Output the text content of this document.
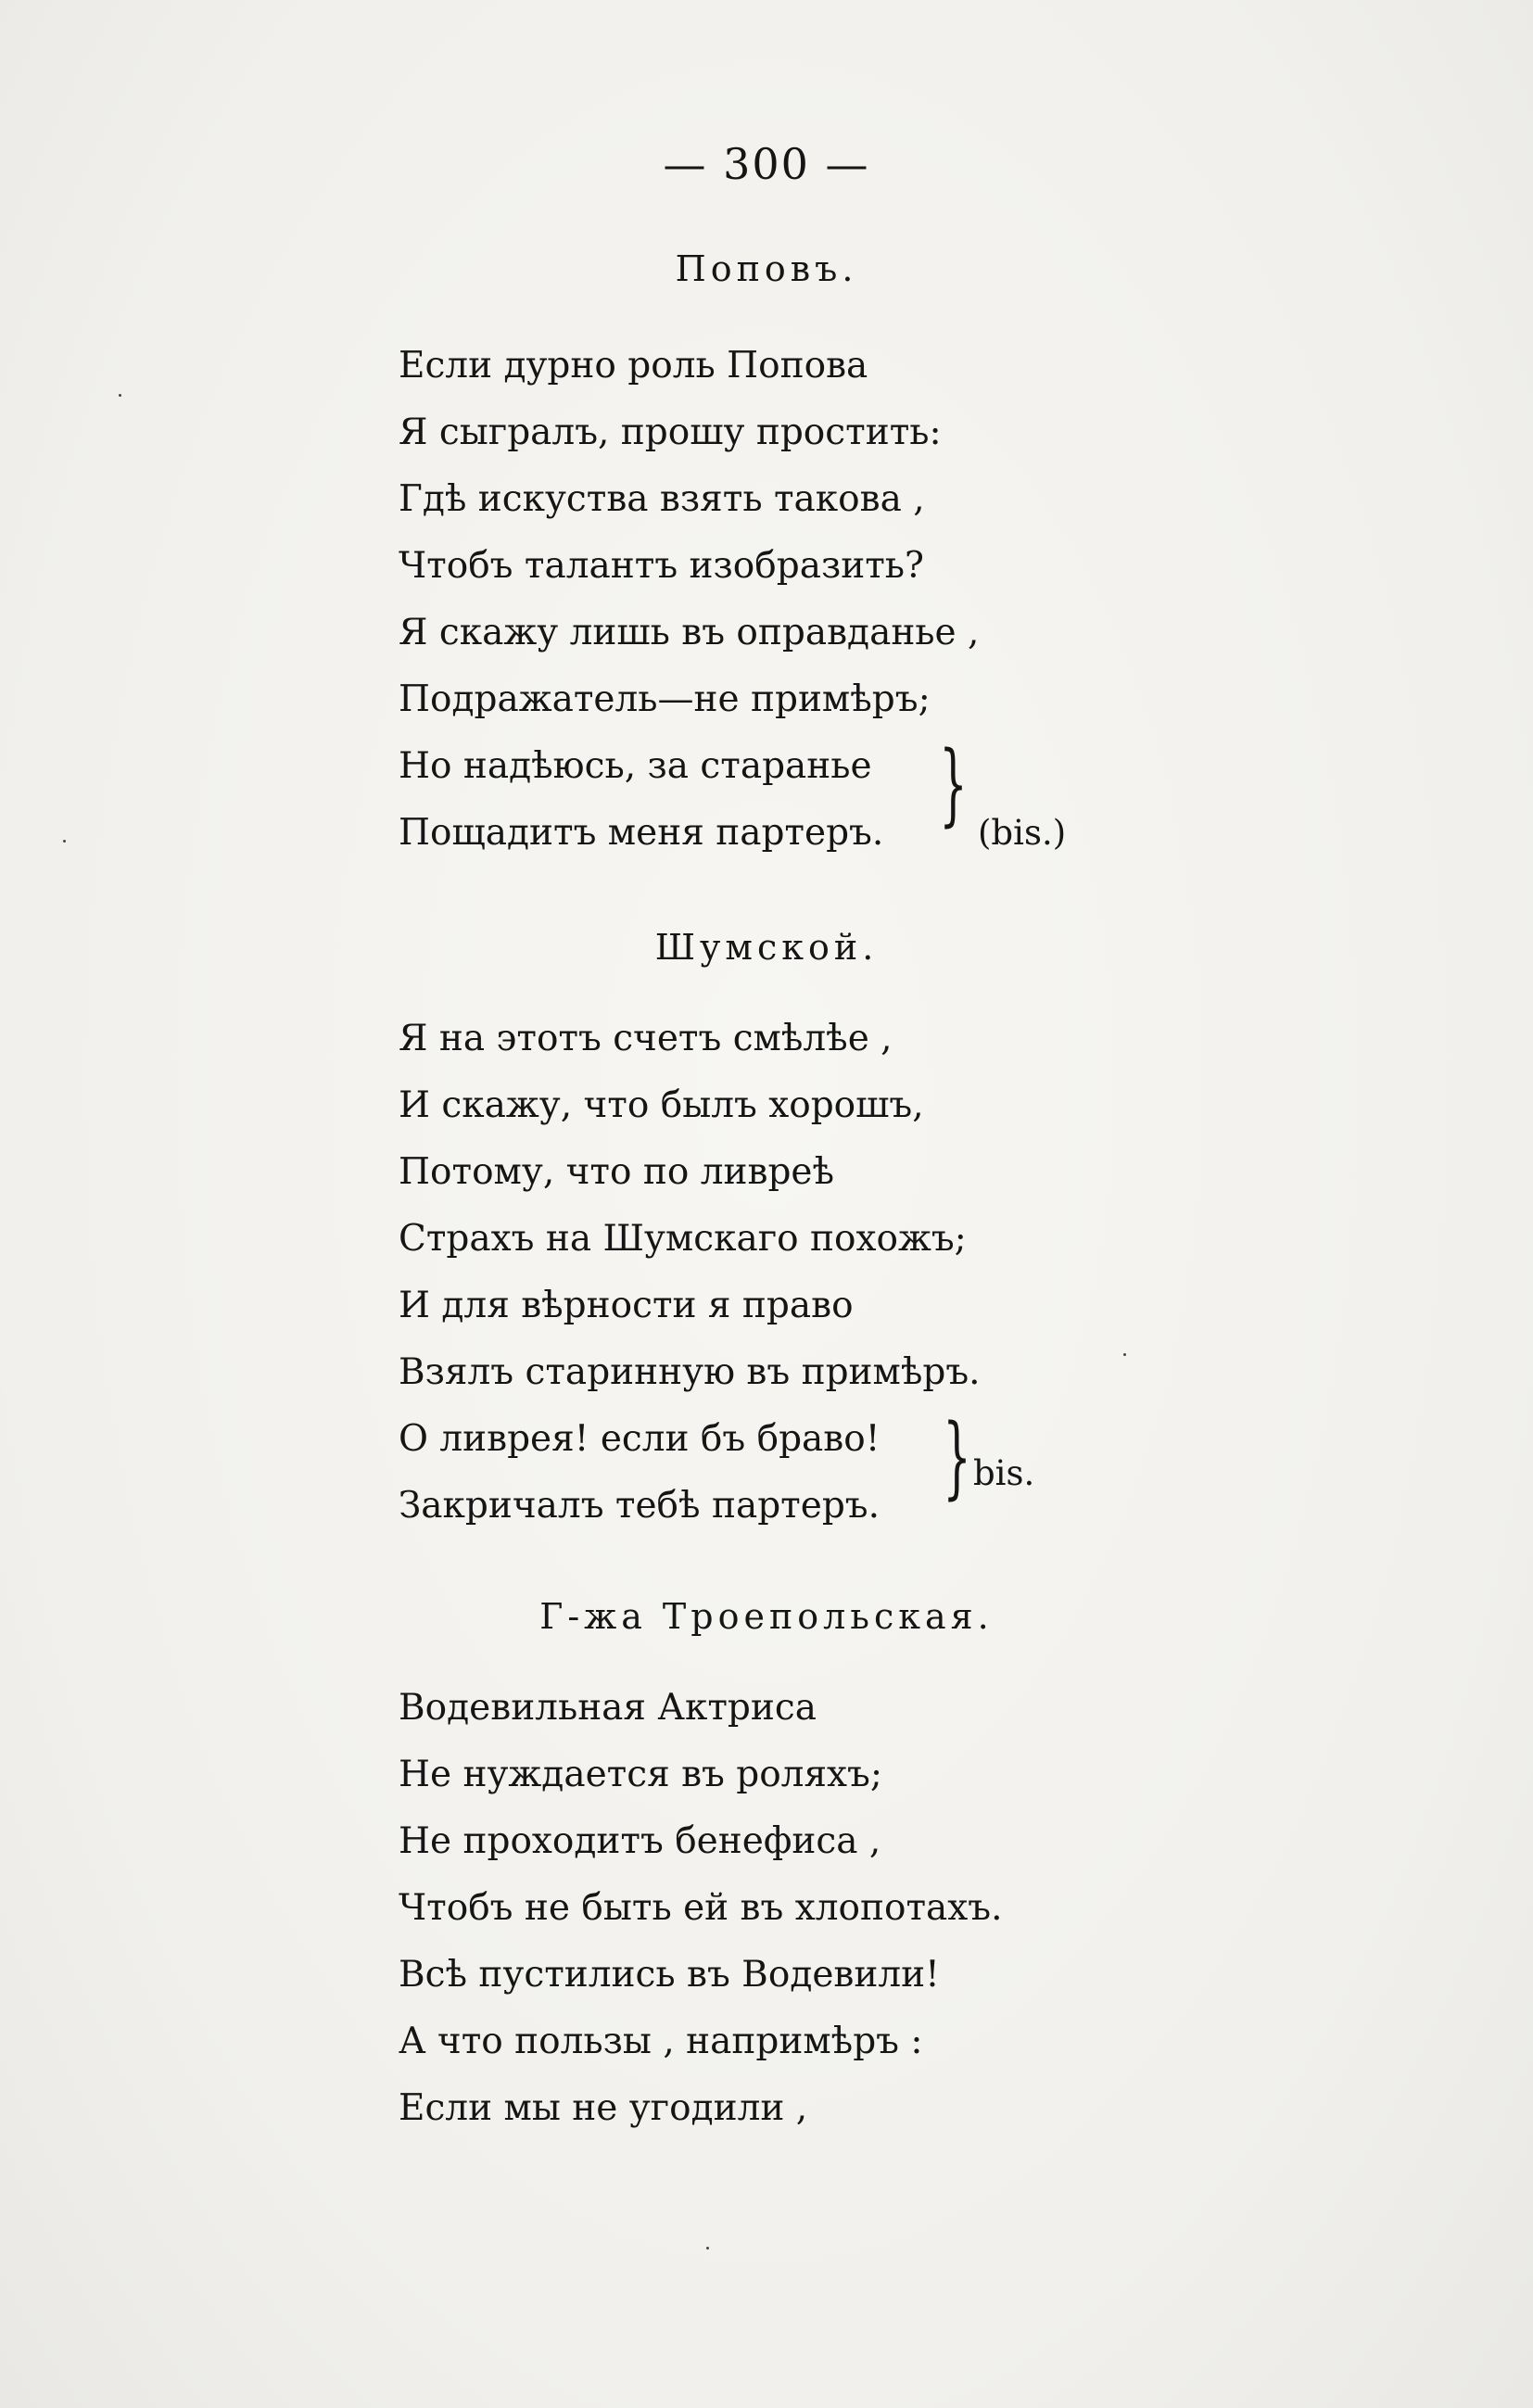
— 300 —
Поповъ.
Если дурно роль Попова
Я сыгралъ, прошу простить:
Гдѣ искуства взять такова ,
Чтобъ талантъ изобразить?
Я скажу лишь въ оправданье ,
Подражатель—не примѣръ;
Но надѣюсь, за старанье
Пощадитъ меня партеръ. } (bis.)
Шумской.
Я на этотъ счетъ смѣлѣе ,
И скажу, что былъ хорошъ,
Потому, что по ливреѣ
Страхъ на Шумскаго похожъ;
И для вѣрности я право
Взялъ старинную въ примѣръ.
О ливрея! если бъ браво!
Закричалъ тебѣ партеръ. } bis.
Г-жа Троепольская.
Водевильная Актриса
Не нуждается въ роляхъ;
Не проходитъ бенефиса ,
Чтобъ не быть ей въ хлопотахъ.
Всѣ пустились въ Водевили!
А что пользы , напримѣръ :
Если мы не угодили ,
